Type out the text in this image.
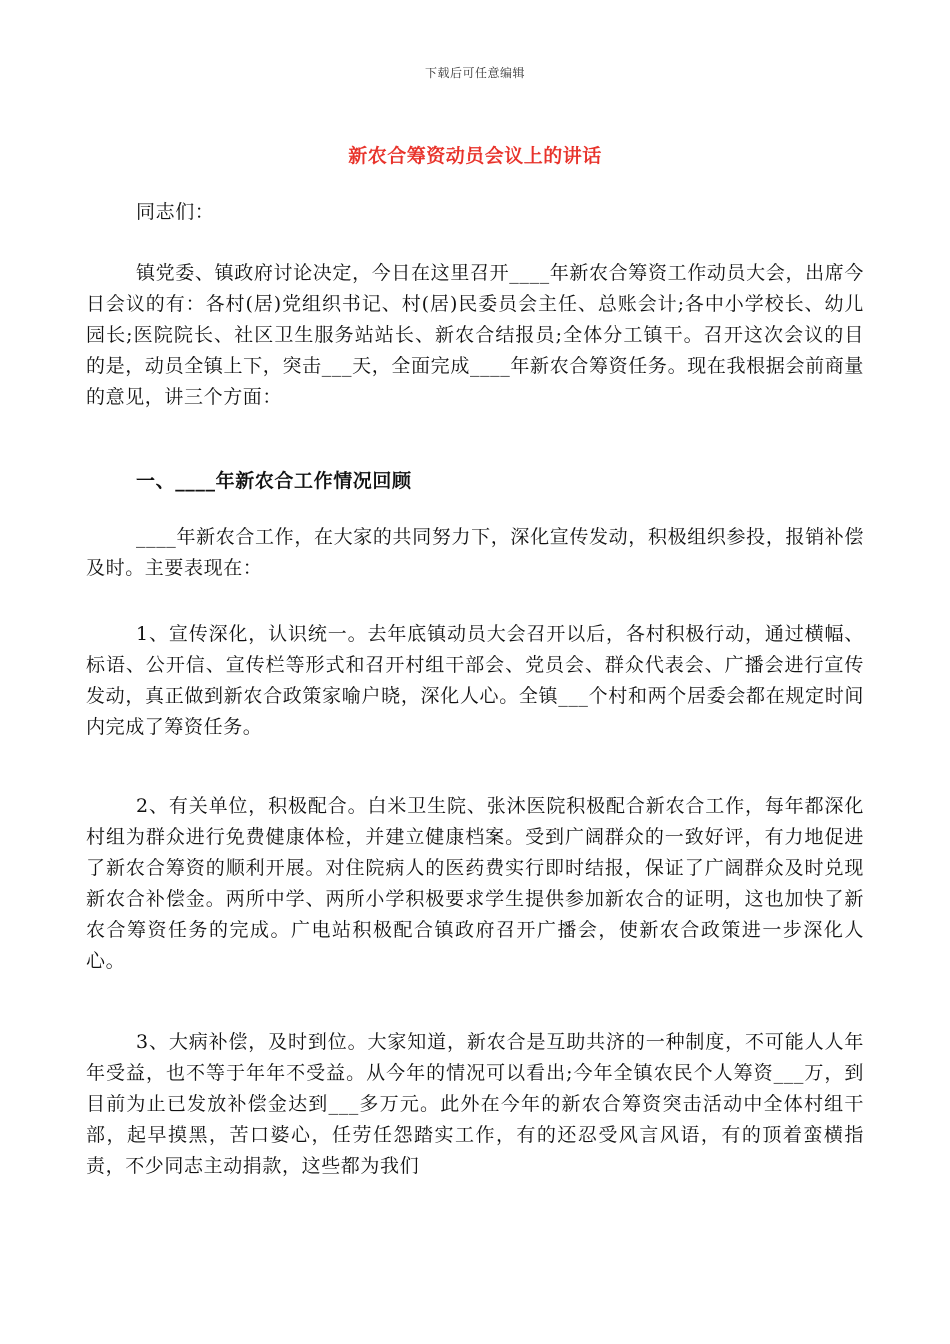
下载后可任意编辑
新农合筹资动员会议上的讲话
同志们：
镇党委、镇政府讨论决定，今日在这里召开____年新农合筹资工作动员大会，出席今日会议的有：各村(居)党组织书记、村(居)民委员会主任、总账会计;各中小学校长、幼儿园长;医院院长、社区卫生服务站站长、新农合结报员;全体分工镇干。召开这次会议的目的是，动员全镇上下，突击___天，全面完成____年新农合筹资任务。现在我根据会前商量的意见，讲三个方面：
一、____年新农合工作情况回顾
____年新农合工作，在大家的共同努力下，深化宣传发动，积极组织参投，报销补偿及时。主要表现在：
1、宣传深化，认识统一。去年底镇动员大会召开以后，各村积极行动，通过横幅、标语、公开信、宣传栏等形式和召开村组干部会、党员会、群众代表会、广播会进行宣传发动，真正做到新农合政策家喻户晓，深化人心。全镇___个村和两个居委会都在规定时间内完成了筹资任务。
2、有关单位，积极配合。白米卫生院、张沐医院积极配合新农合工作，每年都深化村组为群众进行免费健康体检，并建立健康档案。受到广阔群众的一致好评，有力地促进了新农合筹资的顺利开展。对住院病人的医药费实行即时结报，保证了广阔群众及时兑现新农合补偿金。两所中学、两所小学积极要求学生提供参加新农合的证明，这也加快了新农合筹资任务的完成。广电站积极配合镇政府召开广播会，使新农合政策进一步深化人心。
3、大病补偿，及时到位。大家知道，新农合是互助共济的一种制度，不可能人人年年受益，也不等于年年不受益。从今年的情况可以看出;今年全镇农民个人筹资___万，到目前为止已发放补偿金达到___多万元。此外在今年的新农合筹资突击活动中全体村组干部，起早摸黑，苦口婆心，任劳任怨踏实工作，有的还忍受风言风语，有的顶着蛮横指责，不少同志主动捐款，这些都为我们
